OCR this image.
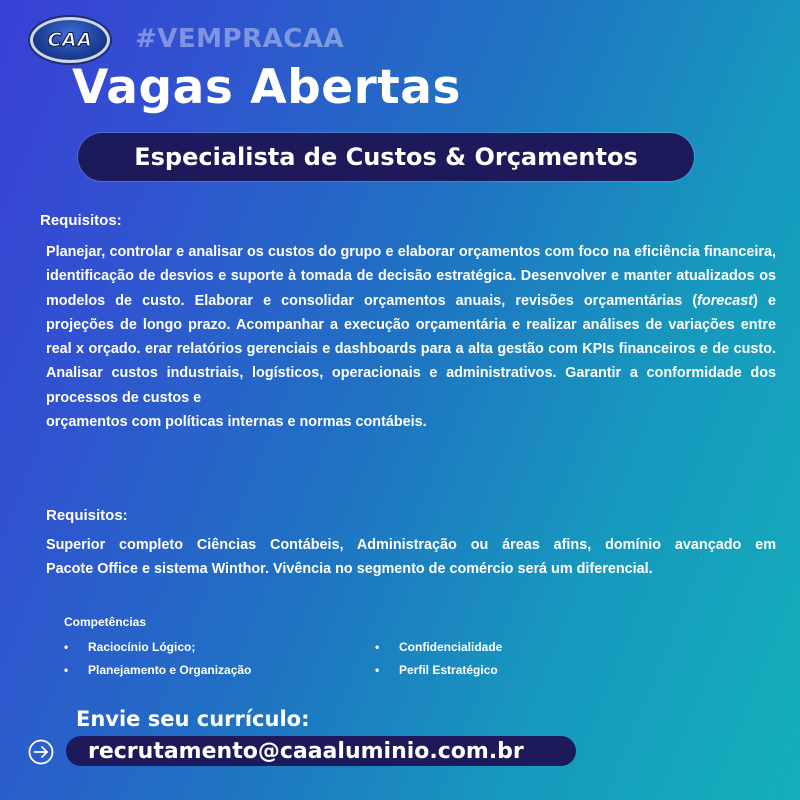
CAA #VEMPRACAA
Vagas Abertas
Especialista de Custos & Orçamentos
Requisitos:
Planejar, controlar e analisar os custos do grupo e elaborar orçamentos com foco na eficiência financeira, identificação de desvios e suporte à tomada de decisão estratégica. Desenvolver e manter atualizados os modelos de custo. Elaborar e consolidar orçamentos anuais, revisões orçamentárias (forecast) e projeções de longo prazo. Acompanhar a execução orçamentária e realizar análises de variações entre real x orçado. erar relatórios gerenciais e dashboards para a alta gestão com KPIs financeiros e de custo. Analisar custos industriais, logísticos, operacionais e administrativos. Garantir a conformidade dos processos de custos e
orçamentos com políticas internas e normas contábeis.
Requisitos:
Superior completo Ciências Contábeis, Administração ou áreas afins, domínio avançado em
Pacote Office e sistema Winthor. Vivência no segmento de comércio será um diferencial.
Competências
• Raciocínio Lógico;
• Planejamento e Organização
• Confidencialidade
• Perfil Estratégico
Envie seu currículo:
recrutamento@caaaluminio.com.br
